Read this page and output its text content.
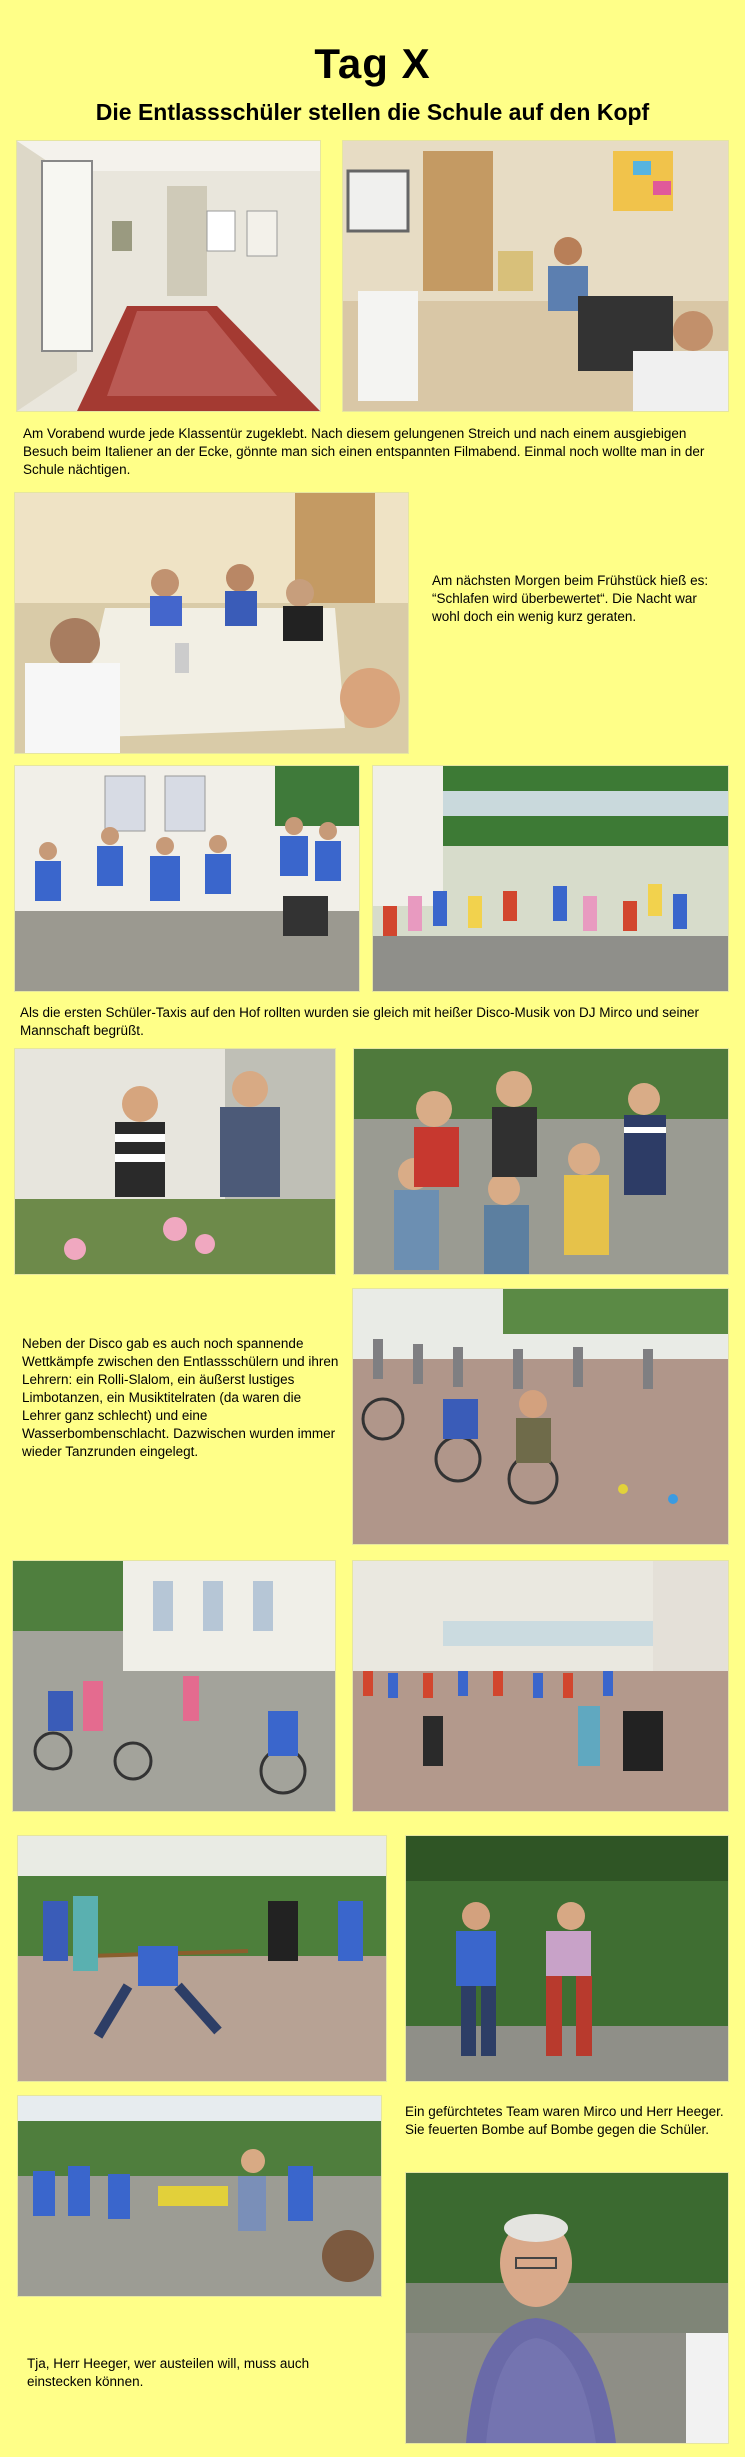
Tag X
Die Entlassschüler stellen die Schule auf den Kopf
Am Vorabend wurde jede Klassentür zugeklebt. Nach diesem gelungenen Streich und nach einem ausgiebigen Besuch beim Italiener an der Ecke, gönnte man sich einen entspannten Filmabend. Einmal noch wollte man in der Schule nächtigen.
Am nächsten Morgen beim Frühstück hieß es: “Schlafen wird überbewertet“. Die Nacht war wohl doch ein wenig kurz geraten.
Als die ersten Schüler-Taxis auf den Hof rollten wurden sie gleich mit heißer Disco-Musik von DJ Mirco und seiner Mannschaft begrüßt.
Neben der Disco gab es auch noch spannende Wettkämpfe zwischen den Entlassschülern und ihren Lehrern: ein Rolli-Slalom, ein äußerst lustiges Limbotanzen, ein Musiktitelraten (da waren die Lehrer ganz schlecht) und eine Wasserbombenschlacht. Dazwischen wurden immer wieder Tanzrunden eingelegt.
Ein gefürchtetes Team waren Mirco und Herr Heeger. Sie feuerten Bombe auf Bombe gegen die Schüler.
Tja, Herr Heeger, wer austeilen will, muss auch einstecken können.
